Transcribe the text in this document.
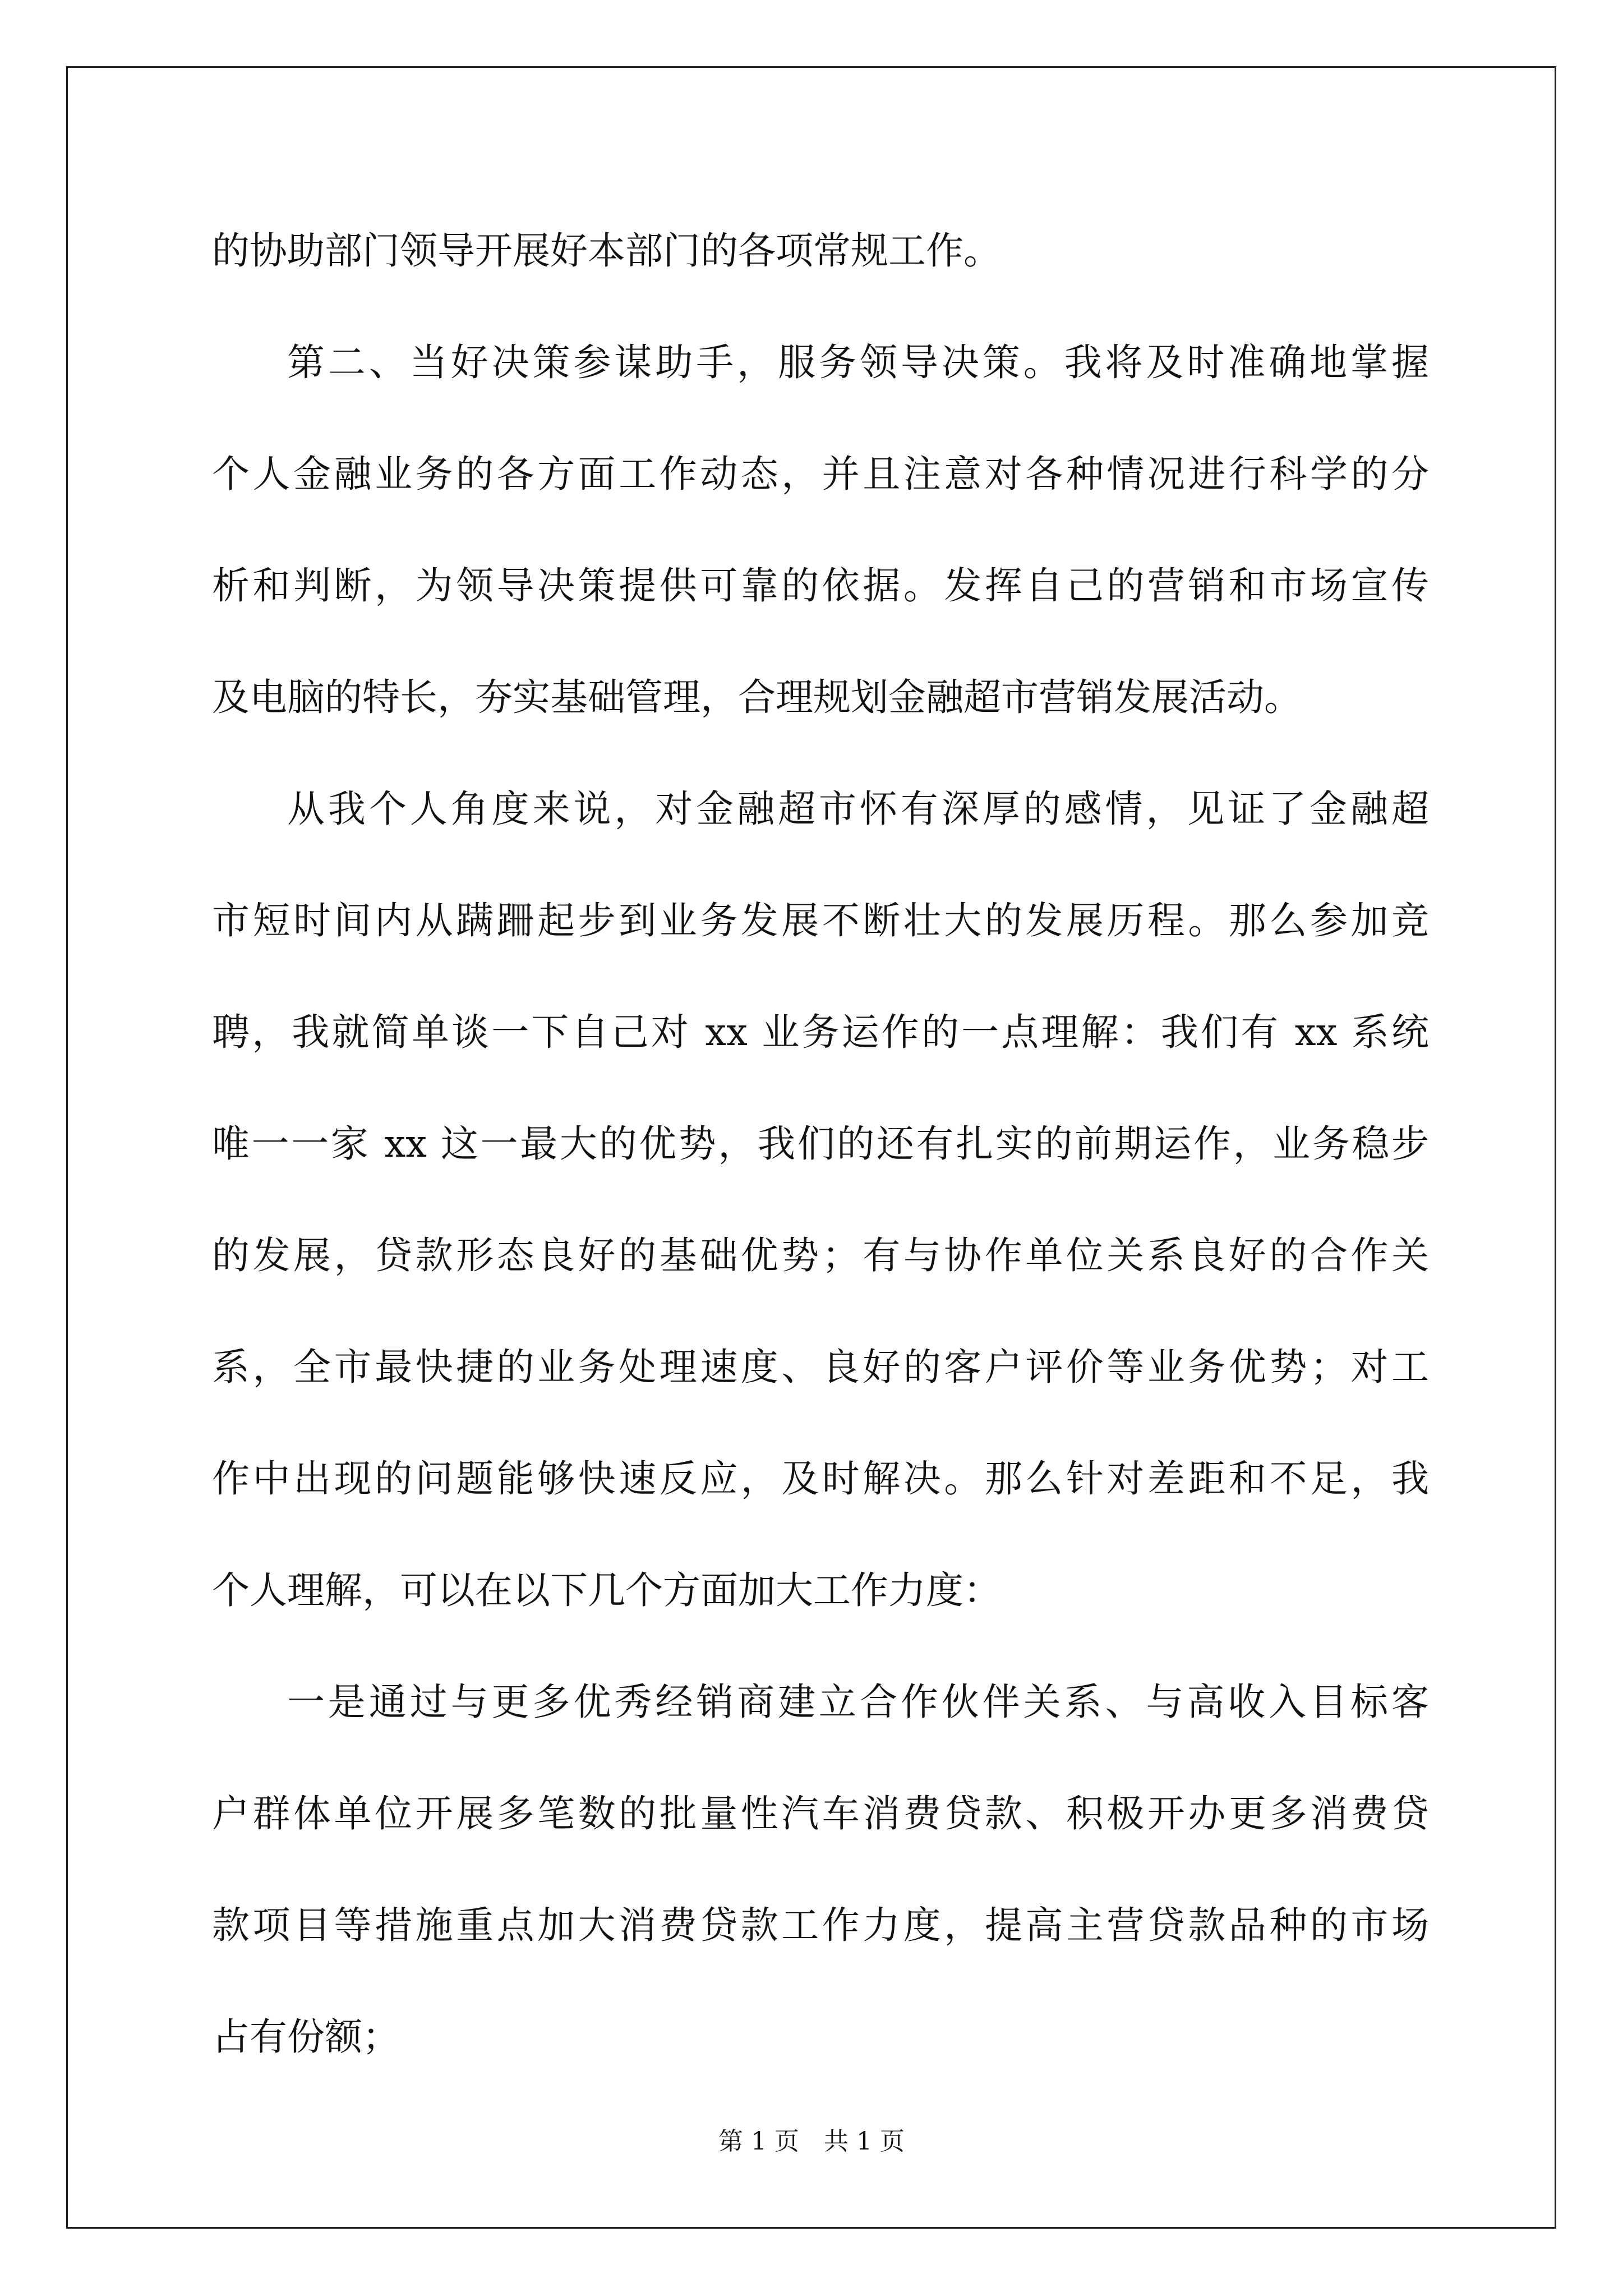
的协助部门领导开展好本部门的各项常规工作。
第二、当好决策参谋助手，服务领导决策。我将及时准确地掌握
个人金融业务的各方面工作动态，并且注意对各种情况进行科学的分
析和判断，为领导决策提供可靠的依据。发挥自己的营销和市场宣传
及电脑的特长，夯实基础管理，合理规划金融超市营销发展活动。
从我个人角度来说，对金融超市怀有深厚的感情，见证了金融超
市短时间内从蹒跚起步到业务发展不断壮大的发展历程。那么参加竞
聘，我就简单谈一下自己对 xx 业务运作的一点理解：我们有 xx 系统
唯一一家 xx 这一最大的优势，我们的还有扎实的前期运作，业务稳步
的发展，贷款形态良好的基础优势；有与协作单位关系良好的合作关
系，全市最快捷的业务处理速度、良好的客户评价等业务优势；对工
作中出现的问题能够快速反应，及时解决。那么针对差距和不足，我
个人理解，可以在以下几个方面加大工作力度：
一是通过与更多优秀经销商建立合作伙伴关系、与高收入目标客
户群体单位开展多笔数的批量性汽车消费贷款、积极开办更多消费贷
款项目等措施重点加大消费贷款工作力度，提高主营贷款品种的市场
占有份额；
第 1 页 共 1 页
